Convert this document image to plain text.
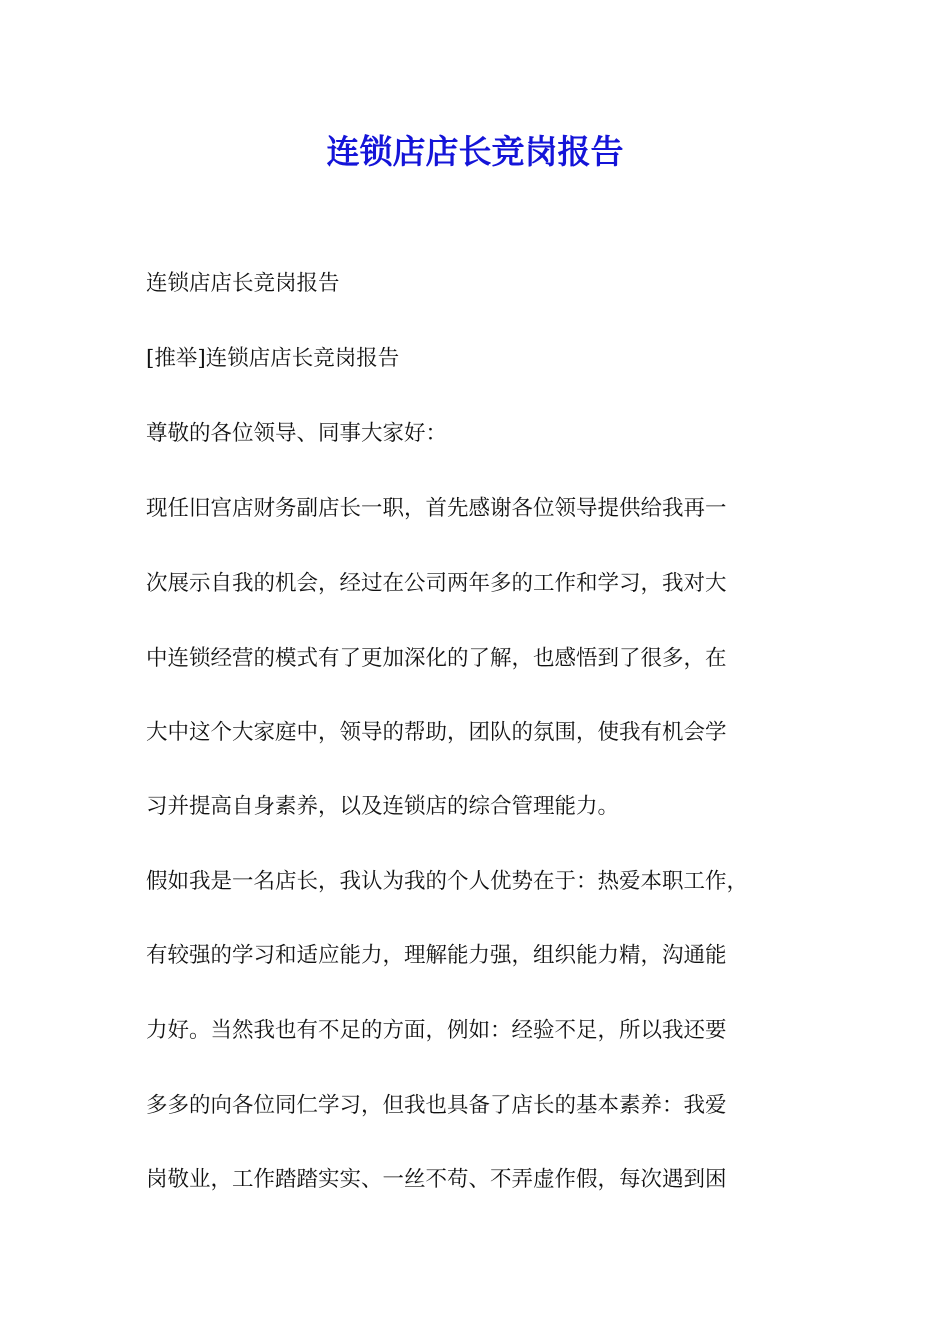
连锁店店长竞岗报告
连锁店店长竞岗报告
[推举]连锁店店长竞岗报告
尊敬的各位领导、同事大家好：
现任旧宫店财务副店长一职，首先感谢各位领导提供给我再一
次展示自我的机会，经过在公司两年多的工作和学习，我对大
中连锁经营的模式有了更加深化的了解，也感悟到了很多，在
大中这个大家庭中，领导的帮助，团队的氛围，使我有机会学
习并提高自身素养，以及连锁店的综合管理能力。
假如我是一名店长，我认为我的个人优势在于：热爱本职工作，
有较强的学习和适应能力，理解能力强，组织能力精，沟通能
力好。当然我也有不足的方面，例如：经验不足，所以我还要
多多的向各位同仁学习，但我也具备了店长的基本素养：我爱
岗敬业，工作踏踏实实、一丝不苟、不弄虚作假，每次遇到困
